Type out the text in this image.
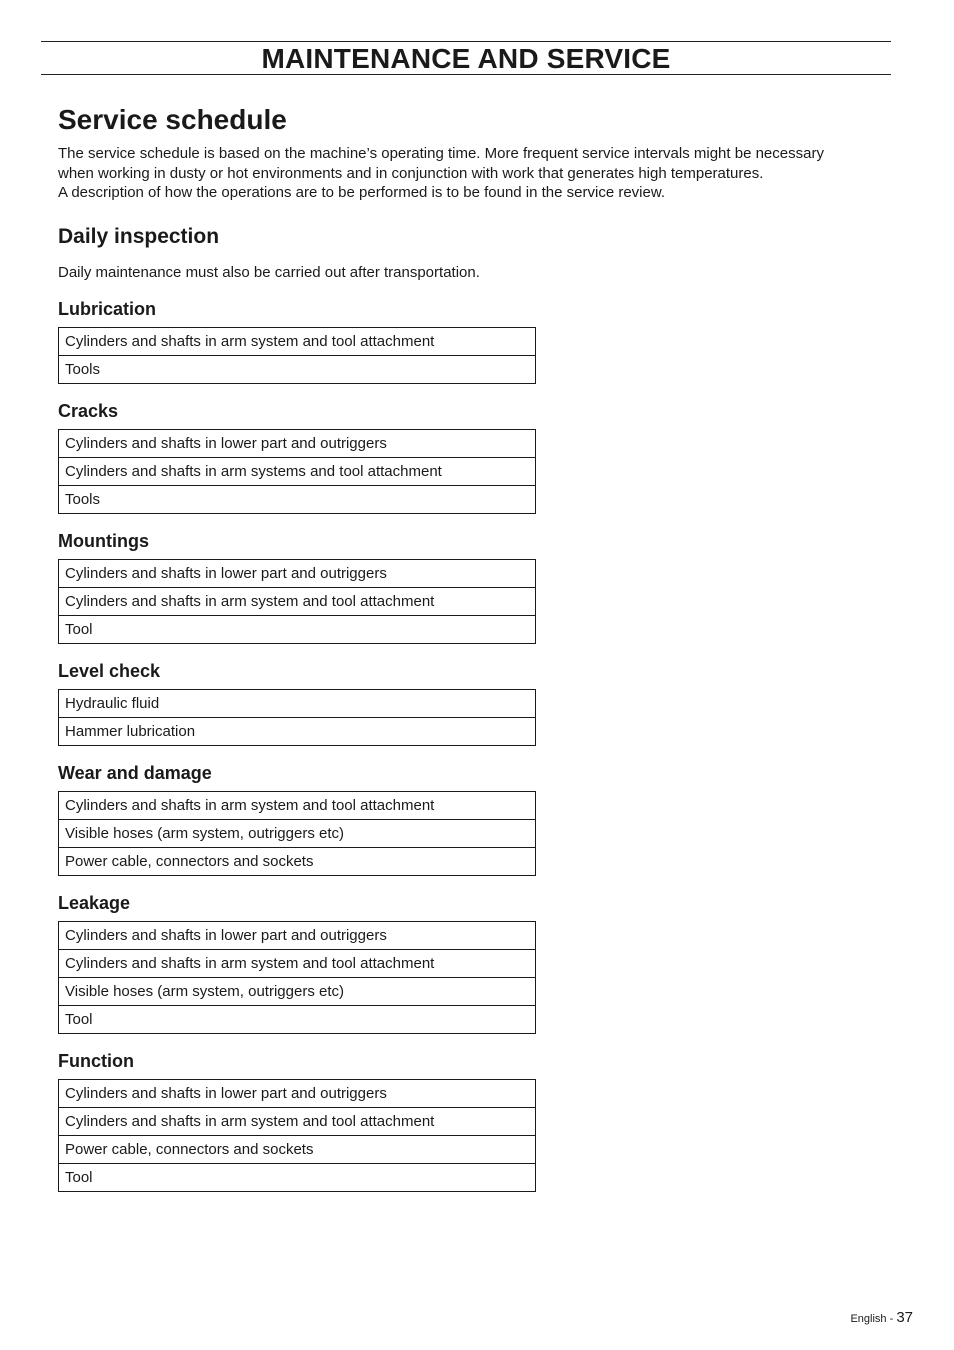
MAINTENANCE AND SERVICE
Service schedule

The service schedule is based on the machine’s operating time. More frequent service intervals might be necessary
when working in dusty or hot environments and in conjunction with work that generates high temperatures.
A description of how the operations are to be performed is to be found in the service review.

Daily inspection

Daily maintenance must also be carried out after transportation.

Lubrication
Cylinders and shafts in arm system and tool attachment
Tools
Cracks
Cylinders and shafts in lower part and outriggers
Cylinders and shafts in arm systems and tool attachment
Tools
Mountings
Cylinders and shafts in lower part and outriggers
Cylinders and shafts in arm system and tool attachment
Tool
Level check
Hydraulic fluid
Hammer lubrication
Wear and damage
Cylinders and shafts in arm system and tool attachment
Visible hoses (arm system, outriggers etc)
Power cable, connectors and sockets
Leakage
Cylinders and shafts in lower part and outriggers
Cylinders and shafts in arm system and tool attachment
Visible hoses (arm system, outriggers etc)
Tool
Function
Cylinders and shafts in lower part and outriggers
Cylinders and shafts in arm system and tool attachment
Power cable, connectors and sockets
Tool
English - 37
